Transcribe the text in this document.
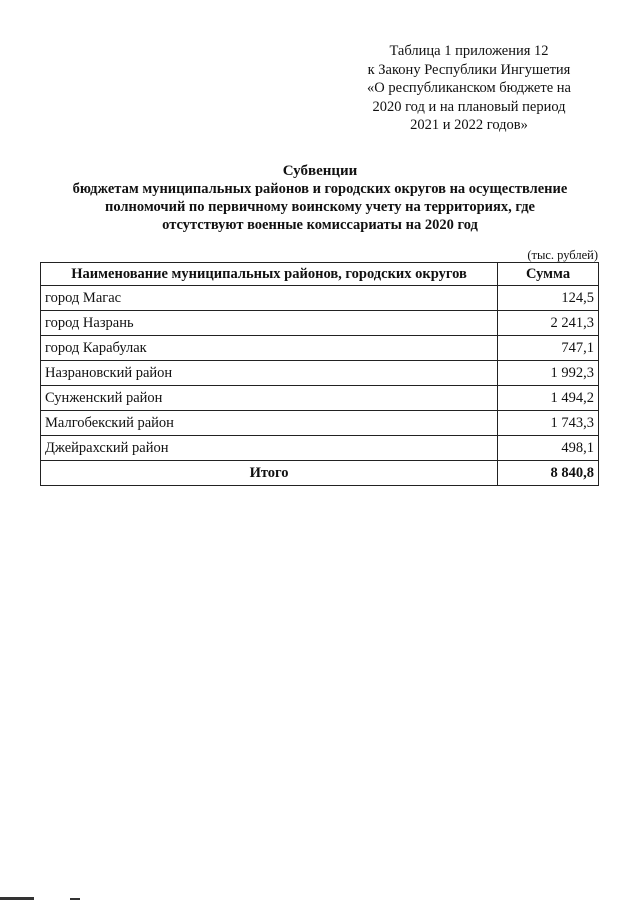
Таблица 1 приложения 12
к Закону Республики Ингушетия
«О республиканском бюджете на
2020 год и на плановый период
2021 и 2022 годов»
Субвенции
бюджетам муниципальных районов и городских округов на осуществление
полномочий по первичному воинскому учету на территориях, где
отсутствуют военные комиссариаты на 2020 год
(тыс. рублей)
Наименование муниципальных районов, городских округов	Сумма
город Магас	124,5
город Назрань	2 241,3
город Карабулак	747,1
Назрановский район	1 992,3
Сунженский район	1 494,2
Малгобекский район	1 743,3
Джейрахский район	498,1
Итого	8 840,8
